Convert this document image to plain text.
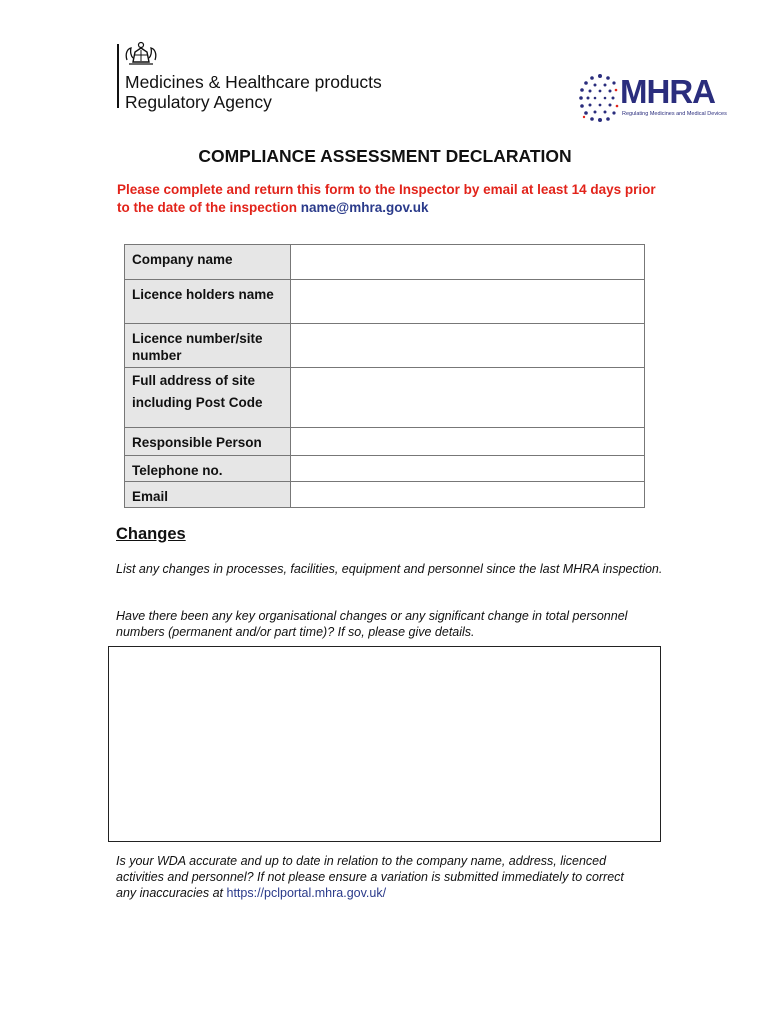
Medicines & Healthcare products
Regulatory Agency	MHRA
Regulating Medicines and Medical Devices
COMPLIANCE ASSESSMENT DECLARATION
Please complete and return this form to the Inspector by email at least 14 days prior to the date of the inspection name@mhra.gov.uk
Company name	
Licence holders name	
Licence number/site number	

Full address of site
including Post Code	

Responsible Person	
Telephone no.	
Email	
Changes
List any changes in processes, facilities, equipment and personnel since the last MHRA inspection.
Have there been any key organisational changes or any significant change in total personnel numbers (permanent and/or part time)? If so, please give details.
Is your WDA accurate and up to date in relation to the company name, address, licenced activities and personnel? If not please ensure a variation is submitted immediately to correct any inaccuracies at https://pclportal.mhra.gov.uk/
